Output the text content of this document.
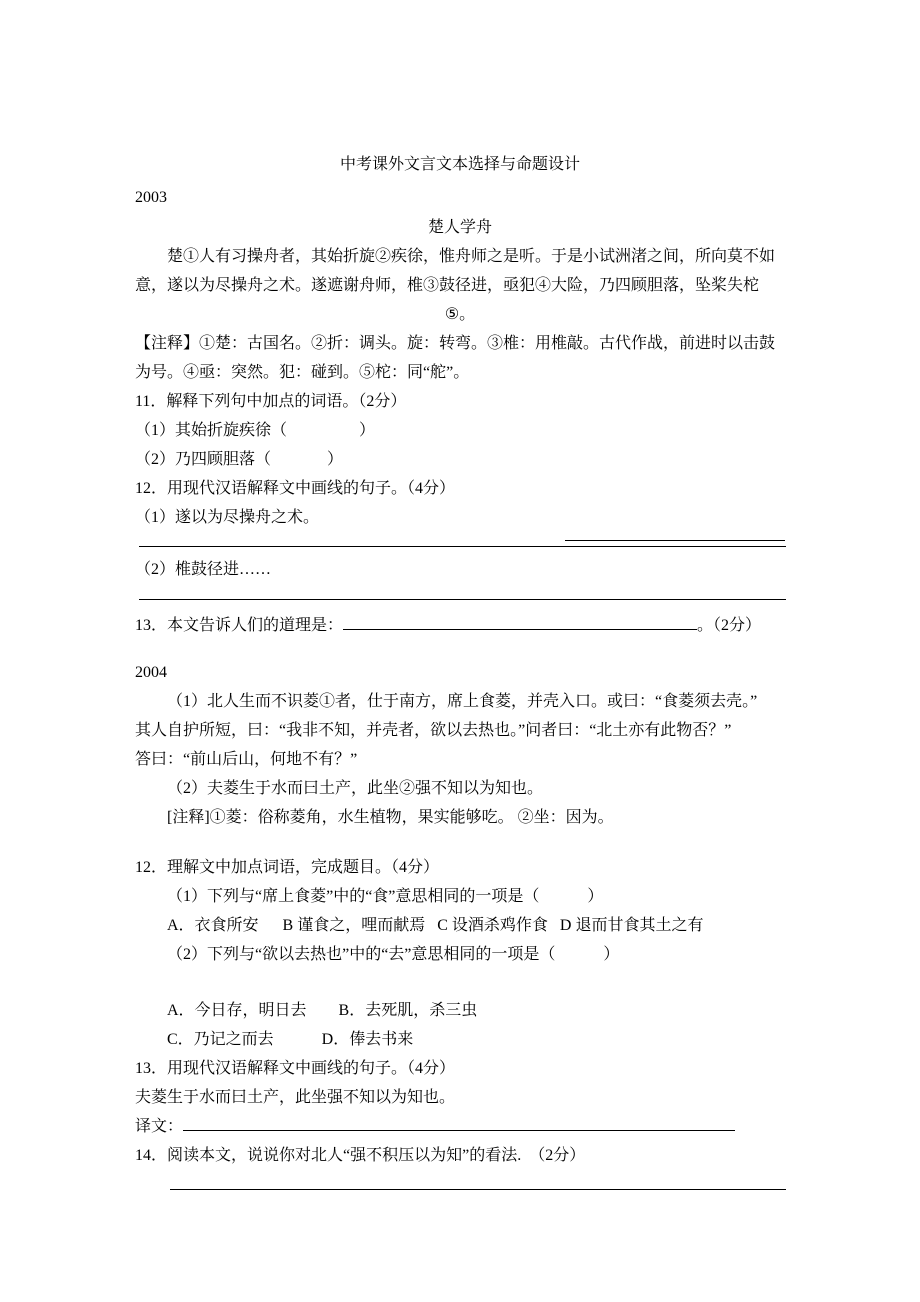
中考课外文言文本选择与命题设计
2003
楚人学舟
楚①人有习操舟者，其始折旋②疾徐，惟舟师之是听。于是小试洲渚之间，所向莫不如
意，遂以为尽操舟之术。遂遮谢舟师，椎③鼓径进，亟犯④大险，乃四顾胆落，坠桨失柁
⑤。
【注释】①楚：古国名。②折：调头。旋：转弯。③椎：用椎敲。古代作战，前进时以击鼓
为号。④亟：突然。犯：碰到。⑤柁：同“舵”。
11．解释下列句中加点的词语。（2分）
（1）其始折旋疾徐（                  ）
（2）乃四顾胆落（              ）
12．用现代汉语解释文中画线的句子。（4分）
（1）遂以为尽操舟之术。
（2）椎鼓径进……
13．本文告诉人们的道理是：	。（2分）
2004
（1）北人生而不识菱①者，仕于南方，席上食菱，并壳入口。或曰：“食菱须去壳。”
其人自护所短，曰：“我非不知，并壳者，欲以去热也。”问者曰：“北土亦有此物否？”
答曰：“前山后山，何地不有？”
（2）夫菱生于水而曰土产，此坐②强不知以为知也。
[注释]①菱：俗称菱角，水生植物，果实能够吃。 ②坐：因为。
12．理解文中加点词语，完成题目。（4分）
（1）下列与“席上食菱”中的“食”意思相同的一项是（            ）
A．衣食所安      B 谨食之，哩而献焉   C 设酒杀鸡作食   D 退而甘食其土之有
（2）下列与“欲以去热也”中的“去”意思相同的一项是（            ）
A．今日存，明日去        B．去死肌，杀三虫
C．乃记之而去            D．俸去书来
13．用现代汉语解释文中画线的句子。（4分）
夫菱生于水而曰土产，此坐强不知以为知也。
译文：
14．阅读本文，说说你对北人“强不积压以为知”的看法.  （2分）
